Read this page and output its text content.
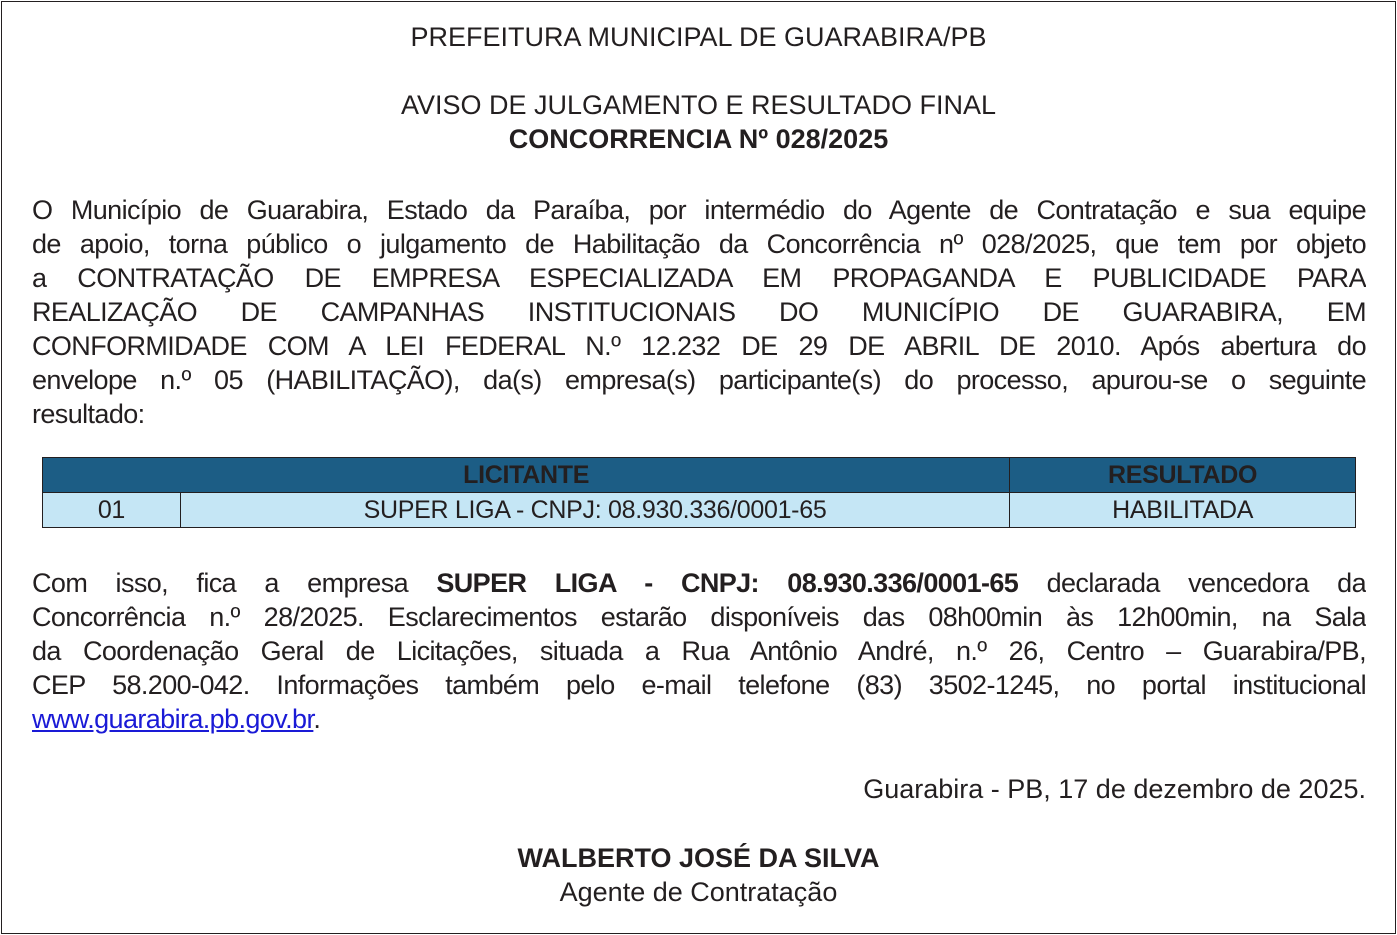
PREFEITURA MUNICIPAL DE GUARABIRA/PB
AVISO DE JULGAMENTO E RESULTADO FINAL
CONCORRENCIA Nº 028/2025
O Município de Guarabira, Estado da Paraíba, por intermédio do Agente de Contratação e sua equipe
de apoio, torna público o julgamento de Habilitação da Concorrência nº 028/2025, que tem por objeto
a CONTRATAÇÃO DE EMPRESA ESPECIALIZADA EM PROPAGANDA E PUBLICIDADE PARA
REALIZAÇÃO DE CAMPANHAS INSTITUCIONAIS DO MUNICÍPIO DE GUARABIRA, EM
CONFORMIDADE COM A LEI FEDERAL N.º 12.232 DE 29 DE ABRIL DE 2010. Após abertura do
envelope n.º 05 (HABILITAÇÃO), da(s) empresa(s) participante(s) do processo, apurou-se o seguinte
resultado:
LICITANTE		RESULTADO
01	SUPER LIGA - CNPJ: 08.930.336/0001-65	HABILITADA
Com isso, fica a empresa SUPER LIGA - CNPJ: 08.930.336/0001-65 declarada vencedora da
Concorrência n.º 28/2025. Esclarecimentos estarão disponíveis das 08h00min às 12h00min, na Sala
da Coordenação Geral de Licitações, situada a Rua Antônio André, n.º 26, Centro – Guarabira/PB,
CEP 58.200-042. Informações também pelo e-mail telefone (83) 3502-1245, no portal institucional
www.guarabira.pb.gov.br.
Guarabira - PB, 17 de dezembro de 2025.
WALBERTO JOSÉ DA SILVA
Agente de Contratação
